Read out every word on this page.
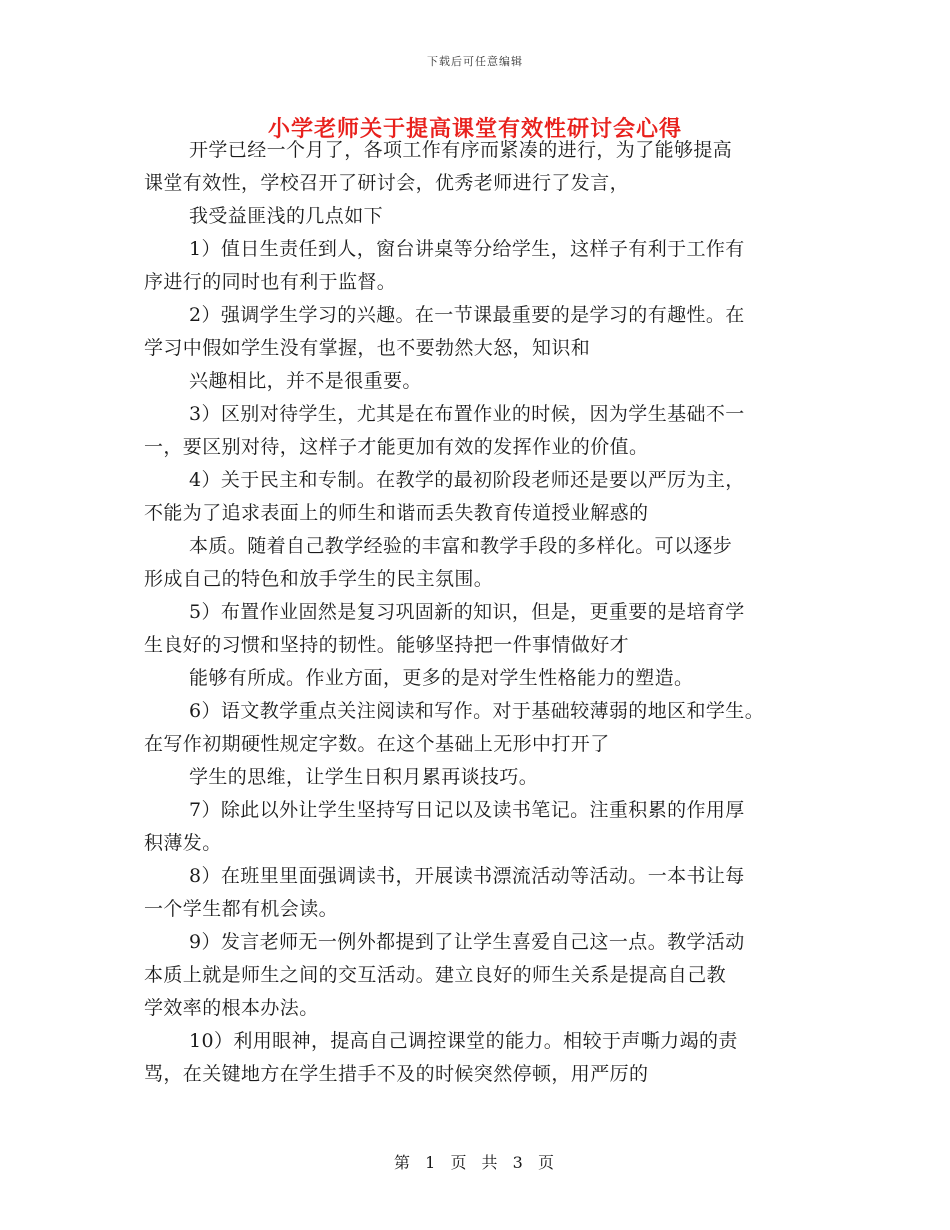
下载后可任意编辑
小学老师关于提高课堂有效性研讨会心得
开学已经一个月了，各项工作有序而紧凑的进行，为了能够提高
课堂有效性，学校召开了研讨会，优秀老师进行了发言，
我受益匪浅的几点如下
1）值日生责任到人，窗台讲桌等分给学生，这样子有利于工作有
序进行的同时也有利于监督。
2）强调学生学习的兴趣。在一节课最重要的是学习的有趣性。在
学习中假如学生没有掌握，也不要勃然大怒，知识和
兴趣相比，并不是很重要。
3）区别对待学生，尤其是在布置作业的时候，因为学生基础不一
一，要区别对待，这样子才能更加有效的发挥作业的价值。
4）关于民主和专制。在教学的最初阶段老师还是要以严厉为主，
不能为了追求表面上的师生和谐而丢失教育传道授业解惑的
本质。随着自己教学经验的丰富和教学手段的多样化。可以逐步
形成自己的特色和放手学生的民主氛围。
5）布置作业固然是复习巩固新的知识，但是，更重要的是培育学
生良好的习惯和坚持的韧性。能够坚持把一件事情做好才
能够有所成。作业方面，更多的是对学生性格能力的塑造。
6）语文教学重点关注阅读和写作。对于基础较薄弱的地区和学生。
在写作初期硬性规定字数。在这个基础上无形中打开了
学生的思维，让学生日积月累再谈技巧。
7）除此以外让学生坚持写日记以及读书笔记。注重积累的作用厚
积薄发。
8）在班里里面强调读书，开展读书漂流活动等活动。一本书让每
一个学生都有机会读。
9）发言老师无一例外都提到了让学生喜爱自己这一点。教学活动
本质上就是师生之间的交互活动。建立良好的师生关系是提高自己教
学效率的根本办法。
10）利用眼神，提高自己调控课堂的能力。相较于声嘶力竭的责
骂，在关键地方在学生措手不及的时候突然停顿，用严厉的
第 1 页 共 3 页
